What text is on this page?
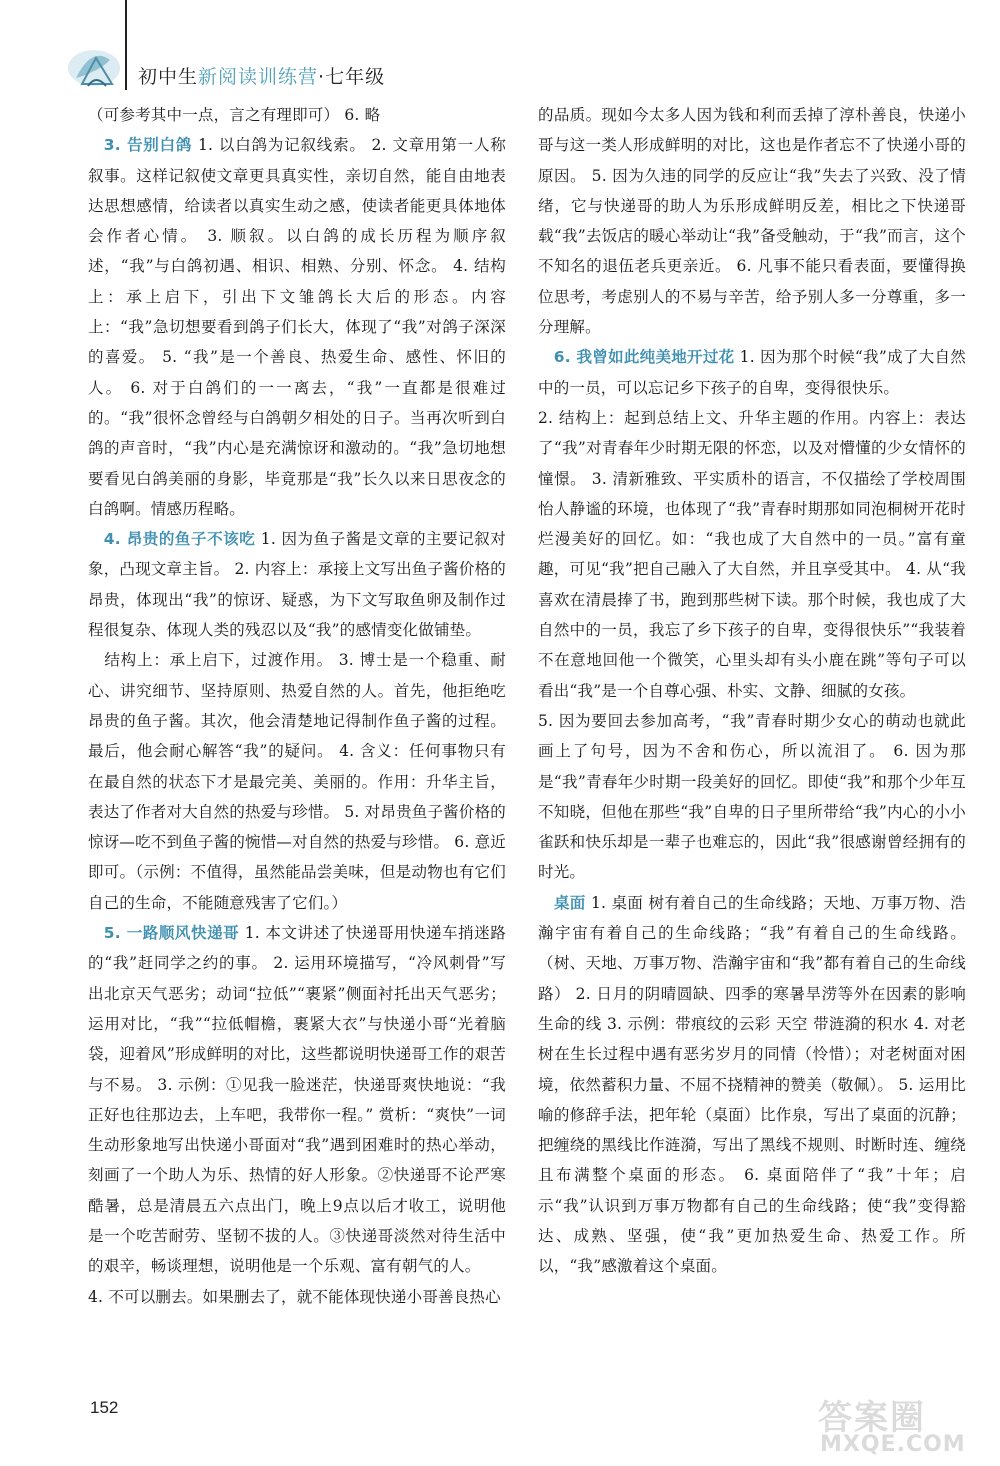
初中生新阅读训练营·七年级

（可参考其中一点，言之有理即可） 6. 略

 3. 告别白鸽 1. 以白鸽为记叙线索。 2. 文章用第一人称叙事。这样记叙使文章更具真实性，亲切自然，能自由地表达思想感情，给读者以真实生动之感，使读者能更具体地体会作者心情。 3. 顺叙。以白鸽的成长历程为顺序叙述，“我”与白鸽初遇、相识、相熟、分别、怀念。 4. 结构上：承上启下，引出下文雏鸽长大后的形态。内容上：“我”急切想要看到鸽子们长大，体现了“我”对鸽子深深的喜爱。 5. “我”是一个善良、热爱生命、感性、怀旧的人。 6. 对于白鸽们的一一离去，“我”一直都是很难过的。“我”很怀念曾经与白鸽朝夕相处的日子。当再次听到白鸽的声音时，“我”内心是充满惊讶和激动的。“我”急切地想要看见白鸽美丽的身影，毕竟那是“我”长久以来日思夜念的白鸽啊。情感历程略。

 4. 昂贵的鱼子不该吃 1. 因为鱼子酱是文章的主要记叙对象，凸现文章主旨。 2. 内容上：承接上文写出鱼子酱价格的昂贵，体现出“我”的惊讶、疑惑，为下文写取鱼卵及制作过程很复杂、体现人类的残忍以及“我”的感情变化做铺垫。

 结构上：承上启下，过渡作用。 3. 博士是一个稳重、耐心、讲究细节、坚持原则、热爱自然的人。首先，他拒绝吃昂贵的鱼子酱。其次，他会清楚地记得制作鱼子酱的过程。最后，他会耐心解答“我”的疑问。 4. 含义：任何事物只有在最自然的状态下才是最完美、美丽的。作用：升华主旨，表达了作者对大自然的热爱与珍惜。 5. 对昂贵鱼子酱价格的惊讶—吃不到鱼子酱的惋惜—对自然的热爱与珍惜。 6. 意近即可。（示例：不值得，虽然能品尝美味，但是动物也有它们自己的生命，不能随意残害了它们。）

 5. 一路顺风快递哥 1. 本文讲述了快递哥用快递车捎迷路的“我”赶同学之约的事。 2. 运用环境描写，“冷风刺骨”写出北京天气恶劣；动词“拉低”“裹紧”侧面衬托出天气恶劣；运用对比，“我”“拉低帽檐，裹紧大衣”与快递小哥“光着脑袋，迎着风”形成鲜明的对比，这些都说明快递哥工作的艰苦与不易。 3. 示例：①见我一脸迷茫，快递哥爽快地说：“我正好也往那边去，上车吧，我带你一程。” 赏析：“爽快”一词生动形象地写出快递小哥面对“我”遇到困难时的热心举动，刻画了一个助人为乐、热情的好人形象。②快递哥不论严寒酷暑，总是清晨五六点出门，晚上9点以后才收工，说明他是一个吃苦耐劳、坚韧不拔的人。③快递哥淡然对待生活中的艰辛，畅谈理想，说明他是一个乐观、富有朝气的人。

4. 不可以删去。如果删去了，就不能体现快递小哥善良热心

的品质。现如今太多人因为钱和利而丢掉了淳朴善良，快递小哥与这一类人形成鲜明的对比，这也是作者忘不了快递小哥的原因。 5. 因为久违的同学的反应让“我”失去了兴致、没了情绪，它与快递哥的助人为乐形成鲜明反差，相比之下快递哥载“我”去饭店的暖心举动让“我”备受触动，于“我”而言，这个不知名的退伍老兵更亲近。 6. 凡事不能只看表面，要懂得换位思考，考虑别人的不易与辛苦，给予别人多一分尊重，多一分理解。

 6. 我曾如此纯美地开过花 1. 因为那个时候“我”成了大自然中的一员，可以忘记乡下孩子的自卑，变得很快乐。

2. 结构上：起到总结上文、升华主题的作用。内容上：表达了“我”对青春年少时期无限的怀恋，以及对懵懂的少女情怀的憧憬。 3. 清新雅致、平实质朴的语言，不仅描绘了学校周围怡人静谧的环境，也体现了“我”青春时期那如同泡桐树开花时烂漫美好的回忆。如：“我也成了大自然中的一员。”富有童趣，可见“我”把自己融入了大自然，并且享受其中。 4. 从“我喜欢在清晨捧了书，跑到那些树下读。那个时候，我也成了大自然中的一员，我忘了乡下孩子的自卑，变得很快乐”“我装着不在意地回他一个微笑，心里头却有头小鹿在跳”等句子可以看出“我”是一个自尊心强、朴实、文静、细腻的女孩。

5. 因为要回去参加高考，“我”青春时期少女心的萌动也就此画上了句号，因为不舍和伤心，所以流泪了。 6. 因为那是“我”青春年少时期一段美好的回忆。即使“我”和那个少年互不知晓，但他在那些“我”自卑的日子里所带给“我”内心的小小雀跃和快乐却是一辈子也难忘的，因此“我”很感谢曾经拥有的时光。

 桌面 1. 桌面 树有着自己的生命线路；天地、万事万物、浩瀚宇宙有着自己的生命线路；“我”有着自己的生命线路。（树、天地、万事万物、浩瀚宇宙和“我”都有着自己的生命线路） 2. 日月的阴晴圆缺、四季的寒暑旱涝等外在因素的影响 生命的线 3. 示例：带痕纹的云彩 天空 带涟漪的积水 4. 对老树在生长过程中遇有恶劣岁月的同情（怜惜）；对老树面对困境，依然蓄积力量、不屈不挠精神的赞美（敬佩）。 5. 运用比喻的修辞手法，把年轮（桌面）比作泉，写出了桌面的沉静；把缠绕的黑线比作涟漪，写出了黑线不规则、时断时连、缠绕且布满整个桌面的形态。 6. 桌面陪伴了“我”十年；启示“我”认识到万事万物都有自己的生命线路；使“我”变得豁达、成熟、坚强，使“我”更加热爱生命、热爱工作。所以，“我”感激着这个桌面。

152	答案圈
MXQE.COM
